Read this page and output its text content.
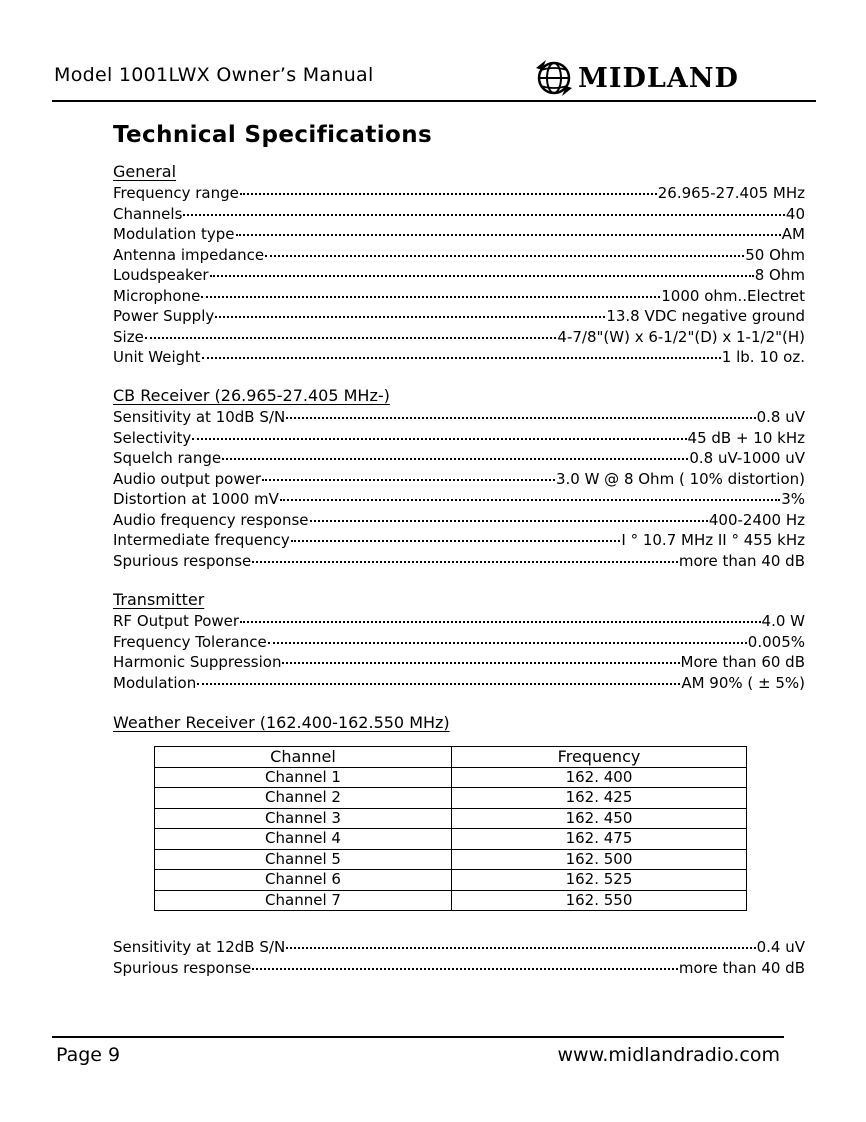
Model 1001LWX Owner’s Manual	MIDLAND
Technical Specifications
General
Frequency range	26.965-27.405 MHz
Channels	40
Modulation type	AM
Antenna impedance	50 Ohm
Loudspeaker	8 Ohm
Microphone	1000 ohm..Electret
Power Supply	13.8 VDC negative ground
Size	4-7/8"(W) x 6-1/2"(D) x 1-1/2"(H)
Unit Weight	1 lb. 10 oz.
CB Receiver (26.965-27.405 MHz-)
Sensitivity at 10dB S/N	0.8 uV
Selectivity	45 dB + 10 kHz
Squelch range	0.8 uV-1000 uV
Audio output power	3.0 W @ 8 Ohm ( 10% distortion)
Distortion at 1000 mV	3%
Audio frequency response	400-2400 Hz
Intermediate frequency	I ° 10.7 MHz II ° 455 kHz
Spurious response	more than 40 dB
Transmitter
RF Output Power	4.0 W
Frequency Tolerance	0.005%
Harmonic Suppression	More than 60 dB
Modulation	AM 90% ( ± 5%)
Weather Receiver (162.400-162.550 MHz)
Channel	Frequency
Channel 1	162. 400
Channel 2	162. 425
Channel 3	162. 450
Channel 4	162. 475
Channel 5	162. 500
Channel 6	162. 525
Channel 7	162. 550
Sensitivity at 12dB S/N	0.4 uV
Spurious response	more than 40 dB
Page 9	www.midlandradio.com
